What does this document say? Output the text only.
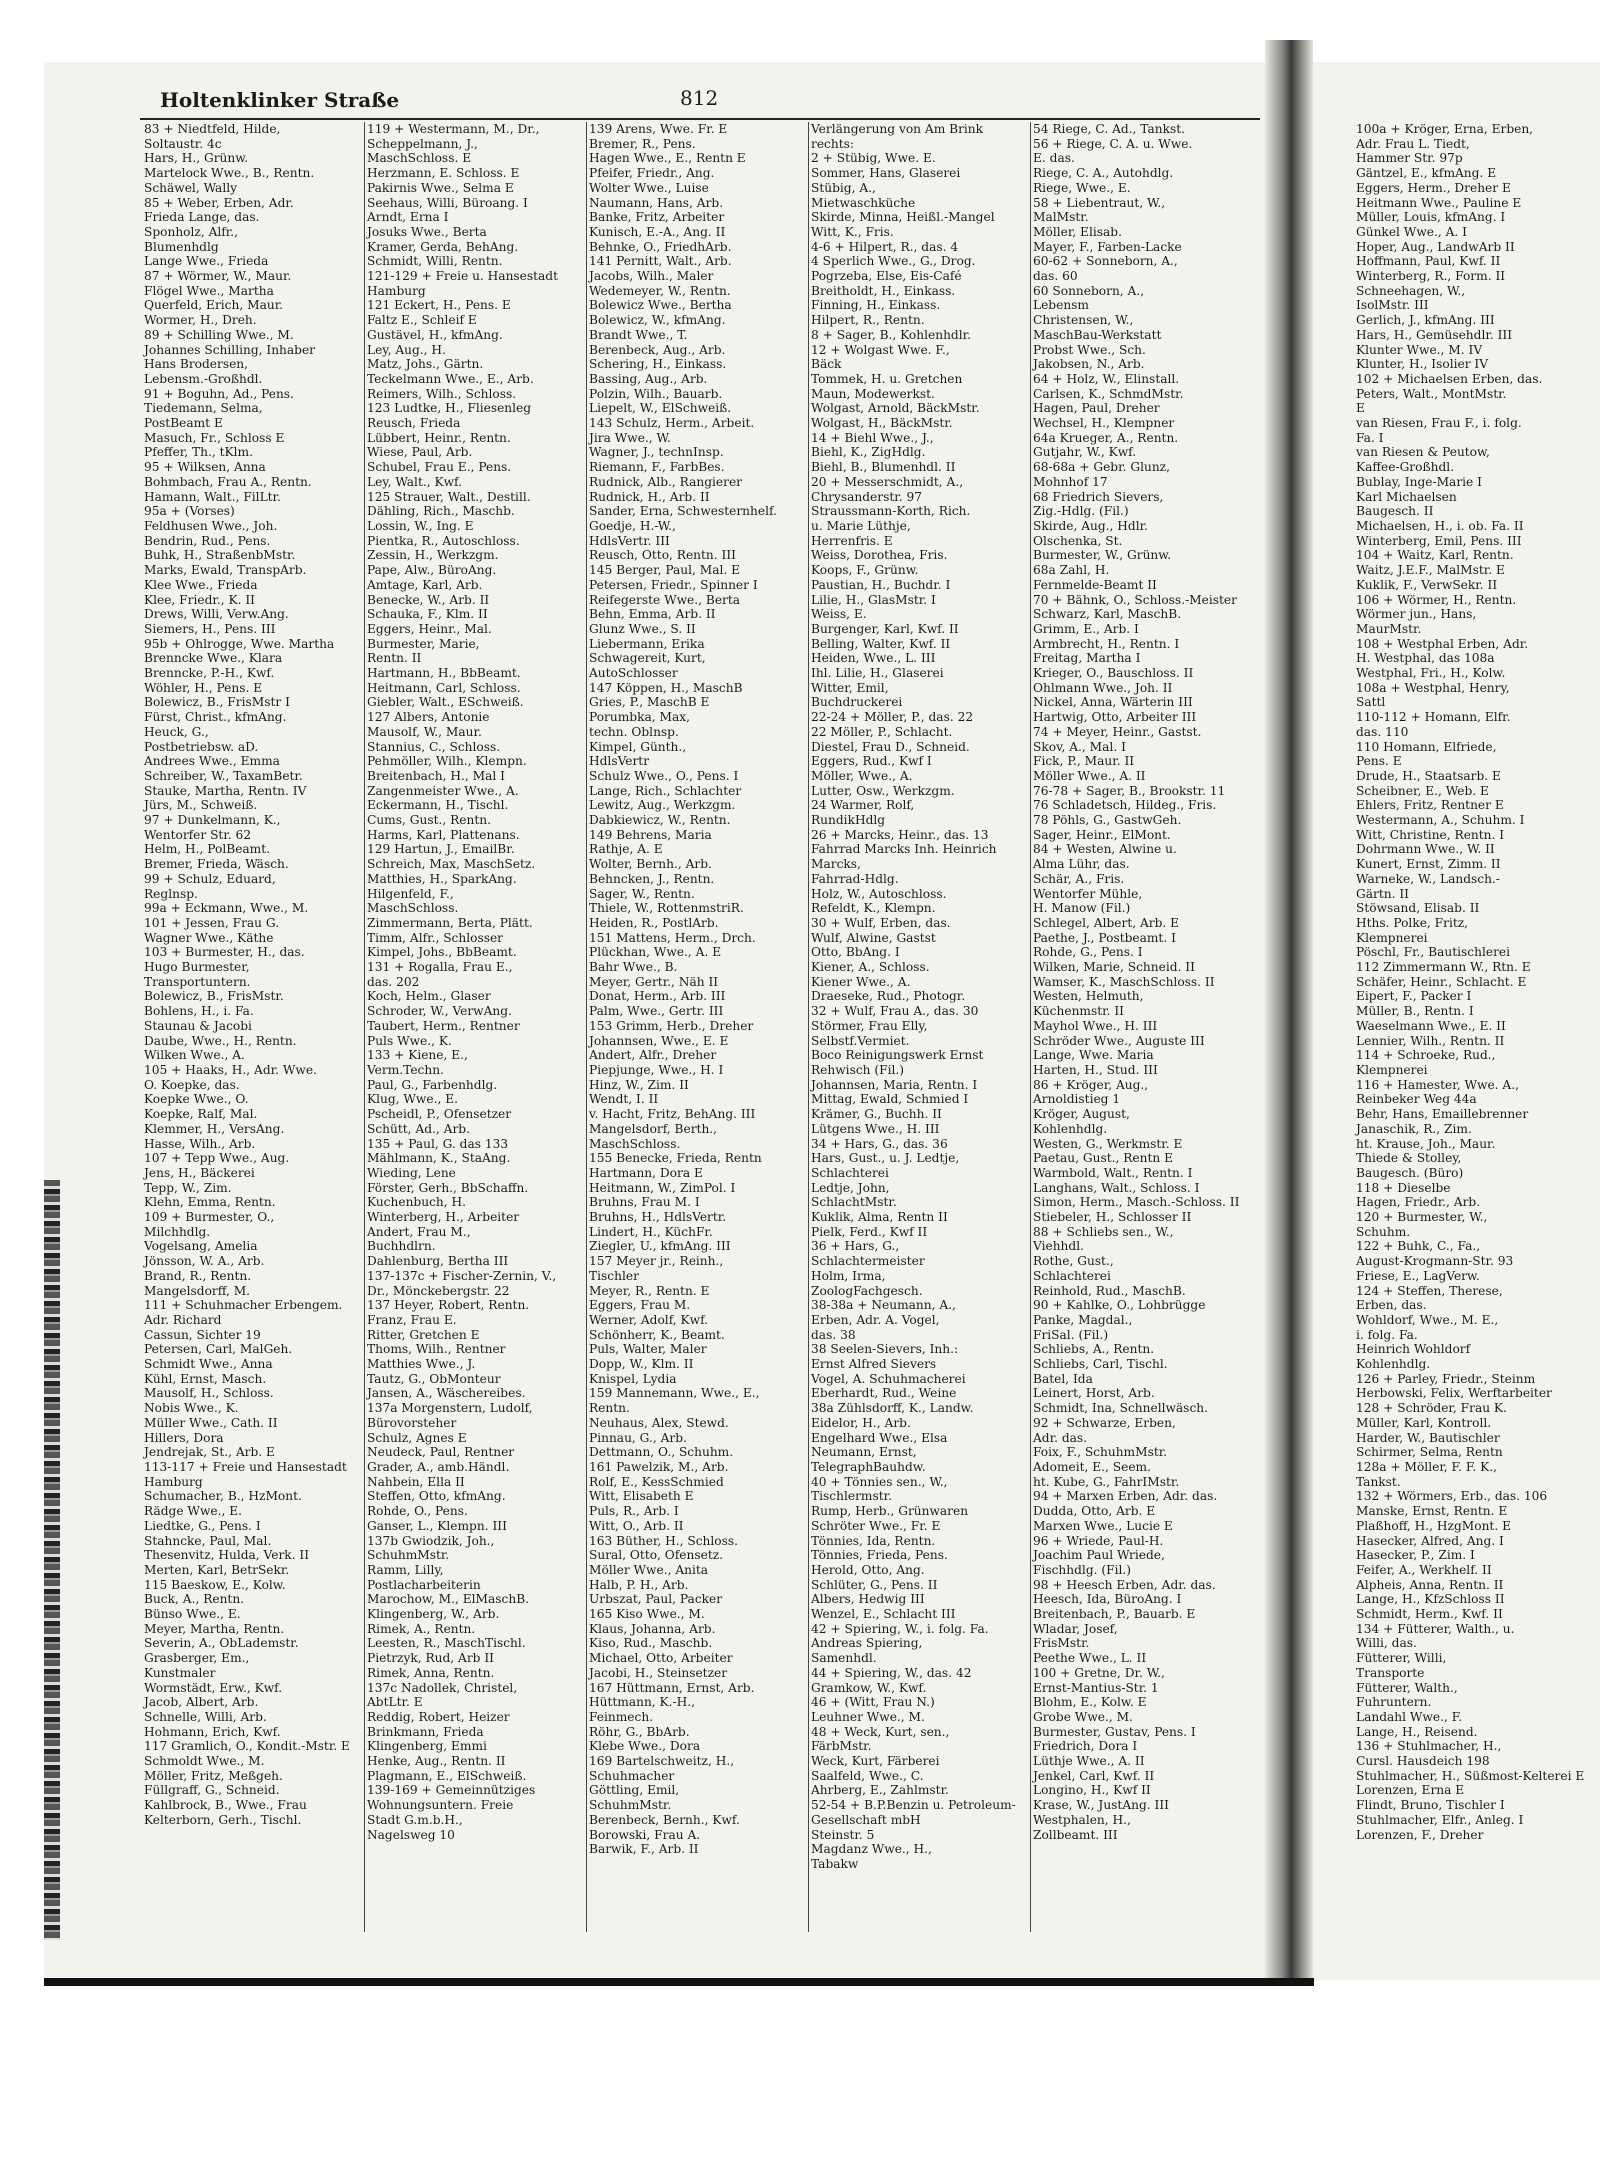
Holtenklinker Straße	812

83 + Niedtfeld, Hilde,

Soltaustr. 4c

Hars, H., Grünw.

Martelock Wwe., B., Rentn.

Schäwel, Wally

85 + Weber, Erben, Adr.

Frieda Lange, das.

Sponholz, Alfr.,

Blumenhdlg

Lange Wwe., Frieda

87 + Wörmer, W., Maur.

Flögel Wwe., Martha

Querfeld, Erich, Maur.

Wormer, H., Dreh.

89 + Schilling Wwe., M.

Johannes Schilling, Inhaber

Hans Brodersen,

Lebensm.-Großhdl.

91 + Boguhn, Ad., Pens.

Tiedemann, Selma,

PostBeamt E

Masuch, Fr., Schloss E

Pfeffer, Th., tKlm.

95 + Wilksen, Anna

Bohmbach, Frau A., Rentn.

Hamann, Walt., FilLtr.

95a + (Vorses)

Feldhusen Wwe., Joh.

Bendrin, Rud., Pens.

Buhk, H., StraßenbMstr.

Marks, Ewald, TranspArb.

Klee Wwe., Frieda

Klee, Friedr., K. II

Drews, Willi, Verw.Ang.

Siemers, H., Pens. III

95b + Ohlrogge, Wwe. Martha

Brenncke Wwe., Klara

Brenncke, P.-H., Kwf.

Wöhler, H., Pens. E

Bolewicz, B., FrisMstr I

Fürst, Christ., kfmAng.

Heuck, G.,

Postbetriebsw. aD.

Andrees Wwe., Emma

Schreiber, W., TaxamBetr.

Stauke, Martha, Rentn. IV

Jürs, M., Schweiß.

97 + Dunkelmann, K.,

Wentorfer Str. 62

Helm, H., PolBeamt.

Bremer, Frieda, Wäsch.

99 + Schulz, Eduard,

Reglnsp.

99a + Eckmann, Wwe., M.

101 + Jessen, Frau G.

Wagner Wwe., Käthe

103 + Burmester, H., das.

Hugo Burmester,

Transportuntern.

Bolewicz, B., FrisMstr.

Bohlens, H., i. Fa.

Staunau & Jacobi

Daube, Wwe., H., Rentn.

Wilken Wwe., A.

105 + Haaks, H., Adr. Wwe.

O. Koepke, das.

Koepke Wwe., O.

Koepke, Ralf, Mal.

Klemmer, H., VersAng.

Hasse, Wilh., Arb.

107 + Tepp Wwe., Aug.

Jens, H., Bäckerei

Tepp, W., Zim.

Klehn, Emma, Rentn.

109 + Burmester, O.,

Milchhdlg.

Vogelsang, Amelia

Jönsson, W. A., Arb.

Brand, R., Rentn.

Mangelsdorff, M.

111 + Schuhmacher Erbengem. Adr. Richard

Cassun, Sichter 19

Petersen, Carl, MalGeh.

Schmidt Wwe., Anna

Kühl, Ernst, Masch.

Mausolf, H., Schloss.

Nobis Wwe., K.

Müller Wwe., Cath. II

Hillers, Dora

Jendrejak, St., Arb. E

113-117 + Freie und Hansestadt Hamburg

Schumacher, B., HzMont.

Rädge Wwe., E.

Liedtke, G., Pens. I

Stahncke, Paul, Mal.

Thesenvitz, Hulda, Verk. II

Merten, Karl, BetrSekr.

115 Baeskow, E., Kolw.

Buck, A., Rentn.

Bünso Wwe., E.

Meyer, Martha, Rentn.

Severin, A., ObLademstr.

Grasberger, Em.,

Kunstmaler

Wormstädt, Erw., Kwf.

Jacob, Albert, Arb.

Schnelle, Willi, Arb.

Hohmann, Erich, Kwf.

117 Gramlich, O., Kondit.-Mstr. E

Schmoldt Wwe., M.

Möller, Fritz, Meßgeh.

Füllgraff, G., Schneid.

Kahlbrock, B., Wwe., Frau

Kelterborn, Gerh., Tischl.

119 + Westermann, M., Dr.,

Scheppelmann, J.,

MaschSchloss. E

Herzmann, E. Schloss. E

Pakirnis Wwe., Selma E

Seehaus, Willi, Büroang. I

Arndt, Erna I

Josuks Wwe., Berta

Kramer, Gerda, BehAng.

Schmidt, Willi, Rentn.

121-129 + Freie u. Hansestadt Hamburg

121 Eckert, H., Pens. E

Faltz E., Schleif E

Gustävel, H., kfmAng.

Ley, Aug., H.

Matz, Johs., Gärtn.

Teckelmann Wwe., E., Arb.

Reimers, Wilh., Schloss.

123 Ludtke, H., Fliesenleg

Reusch, Frieda

Lübbert, Heinr., Rentn.

Wiese, Paul, Arb.

Schubel, Frau E., Pens.

Ley, Walt., Kwf.

125 Strauer, Walt., Destill.

Dähling, Rich., Maschb.

Lossin, W., Ing. E

Pientka, R., Autoschloss.

Zessin, H., Werkzgm.

Pape, Alw., BüroAng.

Amtage, Karl, Arb.

Benecke, W., Arb. II

Schauka, F., Klm. II

Eggers, Heinr., Mal.

Burmester, Marie,

Rentn. II

Hartmann, H., BbBeamt.

Heitmann, Carl, Schloss.

Giebler, Walt., ESchweiß.

127 Albers, Antonie

Mausolf, W., Maur.

Stannius, C., Schloss.

Pehmöller, Wilh., Klempn.

Breitenbach, H., Mal I

Zangenmeister Wwe., A.

Eckermann, H., Tischl.

Cums, Gust., Rentn.

Harms, Karl, Plattenans.

129 Hartun, J., EmailBr.

Schreich, Max, MaschSetz.

Matthies, H., SparkAng.

Hilgenfeld, F.,

MaschSchloss.

Zimmermann, Berta, Plätt.

Timm, Alfr., Schlosser

Kimpel, Johs., BbBeamt.

131 + Rogalla, Frau E.,

das. 202

Koch, Helm., Glaser

Schroder, W., VerwAng.

Taubert, Herm., Rentner

Puls Wwe., K.

133 + Kiene, E.,

Verm.Techn.

Paul, G., Farbenhdlg.

Klug, Wwe., E.

Pscheidl, P., Ofensetzer

Schütt, Ad., Arb.

135 + Paul, G. das 133

Mählmann, K., StaAng.

Wieding, Lene

Förster, Gerh., BbSchaffn.

Kuchenbuch, H.

Winterberg, H., Arbeiter

Andert, Frau M.,

Buchhdlrn.

Dahlenburg, Bertha III

137-137c + Fischer-Zernin, V., Dr., Mönckebergstr. 22

137 Heyer, Robert, Rentn.

Franz, Frau E.

Ritter, Gretchen E

Thoms, Wilh., Rentner

Matthies Wwe., J.

Tautz, G., ObMonteur

Jansen, A., Wäschereibes.

137a Morgenstern, Ludolf,

Bürovorsteher

Schulz, Agnes E

Neudeck, Paul, Rentner

Grader, A., amb.Händl.

Nahbein, Ella II

Steffen, Otto, kfmAng.

Rohde, O., Pens.

Ganser, L., Klempn. III

137b Gwiodzik, Joh.,

SchuhmMstr.

Ramm, Lilly,

Postlacharbeiterin

Marochow, M., ElMaschB.

Klingenberg, W., Arb.

Rimek, A., Rentn.

Leesten, R., MaschTischl.

Pietrzyk, Rud, Arb II

Rimek, Anna, Rentn.

137c Nadollek, Christel,

AbtLtr. E

Reddig, Robert, Heizer

Brinkmann, Frieda

Klingenberg, Emmi

Henke, Aug., Rentn. II

Plagmann, E., ElSchweiß.

139-169 + Gemeinnütziges

Wohnungsuntern. Freie

Stadt G.m.b.H.,

Nagelsweg 10

139 Arens, Wwe. Fr. E

Bremer, R., Pens.

Hagen Wwe., E., Rentn E

Pfeifer, Friedr., Ang.

Wolter Wwe., Luise

Naumann, Hans, Arb.

Banke, Fritz, Arbeiter

Kunisch, E.-A., Ang. II

Behnke, O., FriedhArb.

141 Pernitt, Walt., Arb.

Jacobs, Wilh., Maler

Wedemeyer, W., Rentn.

Bolewicz Wwe., Bertha

Bolewicz, W., kfmAng.

Brandt Wwe., T.

Berenbeck, Aug., Arb.

Schering, H., Einkass.

Bassing, Aug., Arb.

Polzin, Wilh., Bauarb.

Liepelt, W., ElSchweiß.

143 Schulz, Herm., Arbeit.

Jira Wwe., W.

Wagner, J., technInsp.

Riemann, F., FarbBes.

Rudnick, Alb., Rangierer

Rudnick, H., Arb. II

Sander, Erna, Schwesternhelf.

Goedje, H.-W.,

HdlsVertr. III

Reusch, Otto, Rentn. III

145 Berger, Paul, Mal. E

Petersen, Friedr., Spinner I

Reifegerste Wwe., Berta

Behn, Emma, Arb. II

Glunz Wwe., S. II

Liebermann, Erika

Schwagereit, Kurt,

AutoSchlosser

147 Köppen, H., MaschB

Gries, P., MaschB E

Porumbka, Max,

techn. Oblnsp.

Kimpel, Günth.,

HdlsVertr

Schulz Wwe., O., Pens. I

Lange, Rich., Schlachter

Lewitz, Aug., Werkzgm.

Dabkiewicz, W., Rentn.

149 Behrens, Maria

Rathje, A. E

Wolter, Bernh., Arb.

Behncken, J., Rentn.

Sager, W., Rentn.

Thiele, W., RottenmstriR.

Heiden, R., PostlArb.

151 Mattens, Herm., Drch.

Plückhan, Wwe., A. E

Bahr Wwe., B.

Meyer, Gertr., Näh II

Donat, Herm., Arb. III

Palm, Wwe., Gertr. III

153 Grimm, Herb., Dreher

Johannsen, Wwe., E. E

Andert, Alfr., Dreher

Piepjunge, Wwe., H. I

Hinz, W., Zim. II

Wendt, I. II

v. Hacht, Fritz, BehAng. III

Mangelsdorf, Berth.,

MaschSchloss.

155 Benecke, Frieda, Rentn

Hartmann, Dora E

Heitmann, W., ZimPol. I

Bruhns, Frau M. I

Bruhns, H., HdlsVertr.

Lindert, H., KüchFr.

Ziegler, U., kfmAng. III

157 Meyer jr., Reinh.,

Tischler

Meyer, R., Rentn. E

Eggers, Frau M.

Werner, Adolf, Kwf.

Schönherr, K., Beamt.

Puls, Walter, Maler

Dopp, W., Klm. II

Knispel, Lydia

159 Mannemann, Wwe., E.,

Rentn.

Neuhaus, Alex, Stewd.

Pinnau, G., Arb.

Dettmann, O., Schuhm.

161 Pawelzik, M., Arb.

Rolf, E., KessSchmied

Witt, Elisabeth E

Puls, R., Arb. I

Witt, O., Arb. II

163 Büther, H., Schloss.

Sural, Otto, Ofensetz.

Möller Wwe., Anita

Halb, P. H., Arb.

Urbszat, Paul, Packer

165 Kiso Wwe., M.

Klaus, Johanna, Arb.

Kiso, Rud., Maschb.

Michael, Otto, Arbeiter

Jacobi, H., Steinsetzer

167 Hüttmann, Ernst, Arb.

Hüttmann, K.-H.,

Feinmech.

Röhr, G., BbArb.

Klebe Wwe., Dora

169 Bartelschweitz, H.,

Schuhmacher

Göttling, Emil,

SchuhmMstr.

Berenbeck, Bernh., Kwf.

Borowski, Frau A.

Barwik, F., Arb. II

Verlängerung von Am Brink rechts:

2 + Stübig, Wwe. E.

Sommer, Hans, Glaserei

Stübig, A.,

Mietwaschküche

Skirde, Minna, Heißl.-Mangel

Witt, K., Fris.

4-6 + Hilpert, R., das. 4

4 Sperlich Wwe., G., Drog.

Pogrzeba, Else, Eis-Café

Breitholdt, H., Einkass.

Finning, H., Einkass.

Hilpert, R., Rentn.

8 + Sager, B., Kohlenhdlr.

12 + Wolgast Wwe. F.,

Bäck

Tommek, H. u. Gretchen

Maun, Modewerkst.

Wolgast, Arnold, BäckMstr.

Wolgast, H., BäckMstr.

14 + Biehl Wwe., J.,

Biehl, K., ZigHdlg.

Biehl, B., Blumenhdl. II

20 + Messerschmidt, A.,

Chrysanderstr. 97

Straussmann-Korth, Rich.

u. Marie Lüthje,

Herrenfris. E

Weiss, Dorothea, Fris.

Koops, F., Grünw.

Paustian, H., Buchdr. I

Lilie, H., GlasMstr. I

Weiss, E.

Burgenger, Karl, Kwf. II

Belling, Walter, Kwf. II

Heiden, Wwe., L. III

Ihl. Lilie, H., Glaserei

Witter, Emil,

Buchdruckerei

22-24 + Möller, P., das. 22

22 Möller, P., Schlacht.

Diestel, Frau D., Schneid.

Eggers, Rud., Kwf I

Möller, Wwe., A.

Lutter, Osw., Werkzgm.

24 Warmer, Rolf,

RundikHdlg

26 + Marcks, Heinr., das. 13

Fahrrad Marcks Inh. Heinrich Marcks,

Fahrrad-Hdlg.

Holz, W., Autoschloss.

Refeldt, K., Klempn.

30 + Wulf, Erben, das.

Wulf, Alwine, Gastst

Otto, BbAng. I

Kiener, A., Schloss.

Kiener Wwe., A.

Draeseke, Rud., Photogr.

32 + Wulf, Frau A., das. 30

Störmer, Frau Elly,

Selbstf.Vermiet.

Boco Reinigungswerk Ernst

Rehwisch (Fil.)

Johannsen, Maria, Rentn. I

Mittag, Ewald, Schmied I

Krämer, G., Buchh. II

Lütgens Wwe., H. III

34 + Hars, G., das. 36

Hars, Gust., u. J. Ledtje,

Schlachterei

Ledtje, John,

SchlachtMstr.

Kuklik, Alma, Rentn II

Pielk, Ferd., Kwf II

36 + Hars, G.,

Schlachtermeister

Holm, Irma,

ZoologFachgesch.

38-38a + Neumann, A.,

Erben, Adr. A. Vogel,

das. 38

38 Seelen-Sievers, Inh.:

Ernst Alfred Sievers

Vogel, A. Schuhmacherei

Eberhardt, Rud., Weine

38a Zühlsdorff, K., Landw.

Eidelor, H., Arb.

Engelhard Wwe., Elsa

Neumann, Ernst,

TelegraphBauhdw.

40 + Tönnies sen., W.,

Tischlermstr.

Rump, Herb., Grünwaren

Schröter Wwe., Fr. E

Tönnies, Ida, Rentn.

Tönnies, Frieda, Pens.

Herold, Otto, Ang.

Schlüter, G., Pens. II

Albers, Hedwig III

Wenzel, E., Schlacht III

42 + Spiering, W., i. folg. Fa.

Andreas Spiering,

Samenhdl.

44 + Spiering, W., das. 42

Gramkow, W., Kwf.

46 + (Witt, Frau N.)

Leuhner Wwe., M.

48 + Weck, Kurt, sen.,

FärbMstr.

Weck, Kurt, Färberei

Saalfeld, Wwe., C.

Ahrberg, E., Zahlmstr.

52-54 + B.P.Benzin u. Petroleum-Gesellschaft mbH

Steinstr. 5

Magdanz Wwe., H.,

Tabakw

54 Riege, C. Ad., Tankst.

56 + Riege, C. A. u. Wwe.

E. das.

Riege, C. A., Autohdlg.

Riege, Wwe., E.

58 + Liebentraut, W.,

MalMstr.

Möller, Elisab.

Mayer, F., Farben-Lacke

60-62 + Sonneborn, A.,

das. 60

60 Sonneborn, A.,

Lebensm

Christensen, W.,

MaschBau-Werkstatt

Probst Wwe., Sch.

Jakobsen, N., Arb.

64 + Holz, W., Elinstall.

Carlsen, K., SchmdMstr.

Hagen, Paul, Dreher

Wechsel, H., Klempner

64a Krueger, A., Rentn.

Gutjahr, W., Kwf.

68-68a + Gebr. Glunz,

Mohnhof 17

68 Friedrich Sievers,

Zig.-Hdlg. (Fil.)

Skirde, Aug., Hdlr.

Olschenka, St.

Burmester, W., Grünw.

68a Zahl, H.

Fernmelde-Beamt II

70 + Bähnk, O., Schloss.-Meister

Schwarz, Karl, MaschB.

Grimm, E., Arb. I

Armbrecht, H., Rentn. I

Freitag, Martha I

Krieger, O., Bauschloss. II

Ohlmann Wwe., Joh. II

Nickel, Anna, Wärterin III

Hartwig, Otto, Arbeiter III

74 + Meyer, Heinr., Gastst.

Skov, A., Mal. I

Fick, P., Maur. II

Möller Wwe., A. II

76-78 + Sager, B., Brookstr. 11

76 Schladetsch, Hildeg., Fris.

78 Pöhls, G., GastwGeh.

Sager, Heinr., ElMont.

84 + Westen, Alwine u.

Alma Lühr, das.

Schär, A., Fris.

Wentorfer Mühle,

H. Manow (Fil.)

Schlegel, Albert, Arb. E

Paethe, J., Postbeamt. I

Rohde, G., Pens. I

Wilken, Marie, Schneid. II

Wamser, K., MaschSchloss. II

Westen, Helmuth,

Küchenmstr. II

Mayhol Wwe., H. III

Schröder Wwe., Auguste III

Lange, Wwe. Maria

Harten, H., Stud. III

86 + Kröger, Aug.,

Arnoldistieg 1

Kröger, August,

Kohlenhdlg.

Westen, G., Werkmstr. E

Paetau, Gust., Rentn E

Warmbold, Walt., Rentn. I

Langhans, Walt., Schloss. I

Simon, Herm., Masch.-Schloss. II

Stiebeler, H., Schlosser II

88 + Schliebs sen., W.,

Viehhdl.

Rothe, Gust.,

Schlachterei

Reinhold, Rud., MaschB.

90 + Kahlke, O., Lohbrügge

Panke, Magdal.,

FriSal. (Fil.)

Schliebs, A., Rentn.

Schliebs, Carl, Tischl.

Batel, Ida

Leinert, Horst, Arb.

Schmidt, Ina, Schnellwäsch.

92 + Schwarze, Erben,

Adr. das.

Foix, F., SchuhmMstr.

Adomeit, E., Seem.

ht. Kube, G., FahrIMstr.

94 + Marxen Erben, Adr. das.

Dudda, Otto, Arb. E

Marxen Wwe., Lucie E

96 + Wriede, Paul-H.

Joachim Paul Wriede,

Fischhdlg. (Fil.)

98 + Heesch Erben, Adr. das.

Heesch, Ida, BüroAng. I

Breitenbach, P., Bauarb. E

Wladar, Josef,

FrisMstr.

Peethe Wwe., L. II

100 + Gretne, Dr. W.,

Ernst-Mantius-Str. 1

Blohm, E., Kolw. E

Grobe Wwe., M.

Burmester, Gustav, Pens. I

Friedrich, Dora I

Lüthje Wwe., A. II

Jenkel, Carl, Kwf. II

Longino, H., Kwf II

Krase, W., JustAng. III

Westphalen, H.,

Zollbeamt. III

100a + Kröger, Erna, Erben,

Adr. Frau L. Tiedt,

Hammer Str. 97p

Gäntzel, E., kfmAng. E

Eggers, Herm., Dreher E

Heitmann Wwe., Pauline E

Müller, Louis, kfmAng. I

Günkel Wwe., A. I

Hoper, Aug., LandwArb II

Hoffmann, Paul, Kwf. II

Winterberg, R., Form. II

Schneehagen, W.,

IsolMstr. III

Gerlich, J., kfmAng. III

Hars, H., Gemüsehdlr. III

Klunter Wwe., M. IV

Klunter, H., Isolier IV

102 + Michaelsen Erben, das.

Peters, Walt., MontMstr.

E

van Riesen, Frau F., i. folg.

Fa. I

van Riesen & Peutow,

Kaffee-Großhdl.

Bublay, Inge-Marie I

Karl Michaelsen

Baugesch. II

Michaelsen, H., i. ob. Fa. II

Winterberg, Emil, Pens. III

104 + Waitz, Karl, Rentn.

Waitz, J.E.F., MalMstr. E

Kuklik, F., VerwSekr. II

106 + Wörmer, H., Rentn.

Wörmer jun., Hans,

MaurMstr.

108 + Westphal Erben, Adr.

H. Westphal, das 108a

Westphal, Fri., H., Kolw.

108a + Westphal, Henry,

Sattl

110-112 + Homann, Elfr.

das. 110

110 Homann, Elfriede,

Pens. E

Drude, H., Staatsarb. E

Scheibner, E., Web. E

Ehlers, Fritz, Rentner E

Westermann, A., Schuhm. I

Witt, Christine, Rentn. I

Dohrmann Wwe., W. II

Kunert, Ernst, Zimm. II

Warneke, W., Landsch.-

Gärtn. II

Stöwsand, Elisab. II

Hths. Polke, Fritz,

Klempnerei

Pöschl, Fr., Bautischlerei

112 Zimmermann W., Rtn. E

Schäfer, Heinr., Schlacht. E

Eipert, F., Packer I

Müller, B., Rentn. I

Waeselmann Wwe., E. II

Lennier, Wilh., Rentn. II

114 + Schroeke, Rud.,

Klempnerei

116 + Hamester, Wwe. A.,

Reinbeker Weg 44a

Behr, Hans, Emaillebrenner

Janaschik, R., Zim.

ht. Krause, Joh., Maur.

Thiede & Stolley,

Baugesch. (Büro)

118 + Dieselbe

Hagen, Friedr., Arb.

120 + Burmester, W.,

Schuhm.

122 + Buhk, C., Fa.,

August-Krogmann-Str. 93

Friese, E., LagVerw.

124 + Steffen, Therese,

Erben, das.

Wohldorf, Wwe., M. E.,

i. folg. Fa.

Heinrich Wohldorf

Kohlenhdlg.

126 + Parley, Friedr., Steinm

Herbowski, Felix, Werftarbeiter

128 + Schröder, Frau K.

Müller, Karl, Kontroll.

Harder, W., Bautischler

Schirmer, Selma, Rentn

128a + Möller, F. F. K.,

Tankst.

132 + Wörmers, Erb., das. 106

Manske, Ernst, Rentn. E

Plaßhoff, H., HzgMont. E

Hasecker, Alfred, Ang. I

Hasecker, P., Zim. I

Feifer, A., Werkhelf. II

Alpheis, Anna, Rentn. II

Lange, H., KfzSchloss II

Schmidt, Herm., Kwf. II

134 + Fütterer, Walth., u.

Willi, das.

Fütterer, Willi,

Transporte

Fütterer, Walth.,

Fuhruntern.

Landahl Wwe., F.

Lange, H., Reisend.

136 + Stuhlmacher, H.,

Cursl. Hausdeich 198

Stuhlmacher, H., Süßmost-Kelterei E

Lorenzen, Erna E

Flindt, Bruno, Tischler I

Stuhlmacher, Elfr., Anleg. I

Lorenzen, F., Dreher
